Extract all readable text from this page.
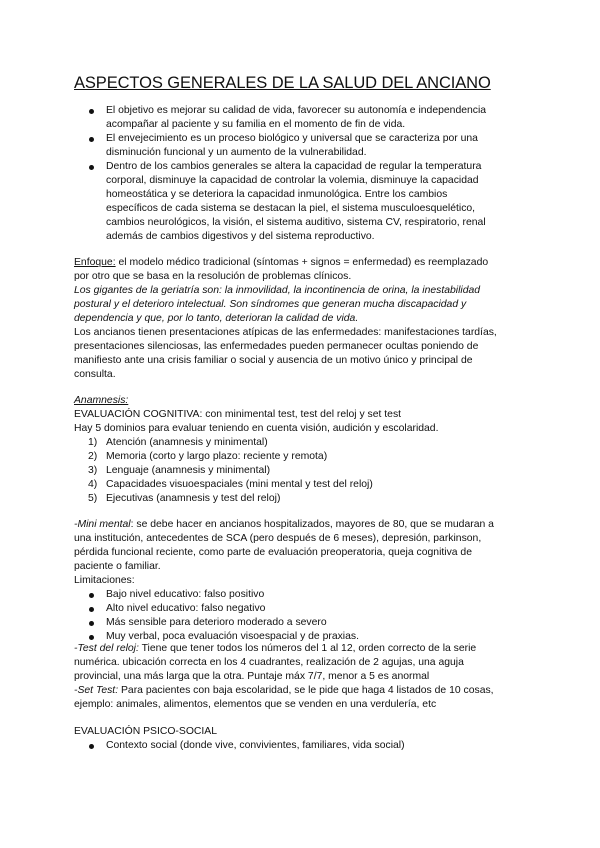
ASPECTOS GENERALES DE LA SALUD DEL ANCIANO
El objetivo es mejorar su calidad de vida, favorecer su autonomía e independencia
acompañar al paciente y su familia en el momento de fin de vida.
El envejecimiento es un proceso biológico y universal que se caracteriza por una
disminución funcional y un aumento de la vulnerabilidad.
Dentro de los cambios generales se altera la capacidad de regular la temperatura
corporal, disminuye la capacidad de controlar la volemia, disminuye la capacidad
homeostática y se deteriora la capacidad inmunológica. Entre los cambios
específicos de cada sistema se destacan la piel, el sistema musculoesquelético,
cambios neurológicos, la visión, el sistema auditivo, sistema CV, respiratorio, renal
además de cambios digestivos y del sistema reproductivo.
Enfoque: el modelo médico tradicional (síntomas + signos = enfermedad) es reemplazado
por otro que se basa en la resolución de problemas clínicos.
Los gigantes de la geriatría son: la inmovilidad, la incontinencia de orina, la inestabilidad
postural y el deterioro intelectual. Son síndromes que generan mucha discapacidad y
dependencia y que, por lo tanto, deterioran la calidad de vida.
Los ancianos tienen presentaciones atípicas de las enfermedades: manifestaciones tardías,
presentaciones silenciosas, las enfermedades pueden permanecer ocultas poniendo de
manifiesto ante una crisis familiar o social y ausencia de un motivo único y principal de
consulta.
Anamnesis:
EVALUACIÓN COGNITIVA: con minimental test, test del reloj y set test
Hay 5 dominios para evaluar teniendo en cuenta visión, audición y escolaridad.
1) Atención (anamnesis y minimental)
2) Memoria (corto y largo plazo: reciente y remota)
3) Lenguaje (anamnesis y minimental)
4) Capacidades visuoespaciales (mini mental y test del reloj)
5) Ejecutivas (anamnesis y test del reloj)
-Mini mental: se debe hacer en ancianos hospitalizados, mayores de 80, que se mudaran a
una institución, antecedentes de SCA (pero después de 6 meses), depresión, parkinson,
pérdida funcional reciente, como parte de evaluación preoperatoria, queja cognitiva de
paciente o familiar.
Limitaciones:
Bajo nivel educativo: falso positivo
Alto nivel educativo: falso negativo
Más sensible para deterioro moderado a severo
Muy verbal, poca evaluación visoespacial y de praxias.
-Test del reloj: Tiene que tener todos los números del 1 al 12, orden correcto de la serie
numérica. ubicación correcta en los 4 cuadrantes, realización de 2 agujas, una aguja
provincial, una más larga que la otra. Puntaje máx 7/7, menor a 5 es anormal
-Set Test: Para pacientes con baja escolaridad, se le pide que haga 4 listados de 10 cosas,
ejemplo: animales, alimentos, elementos que se venden en una verdulería, etc
EVALUACIÓN PSICO-SOCIAL
Contexto social (donde vive, convivientes, familiares, vida social)
